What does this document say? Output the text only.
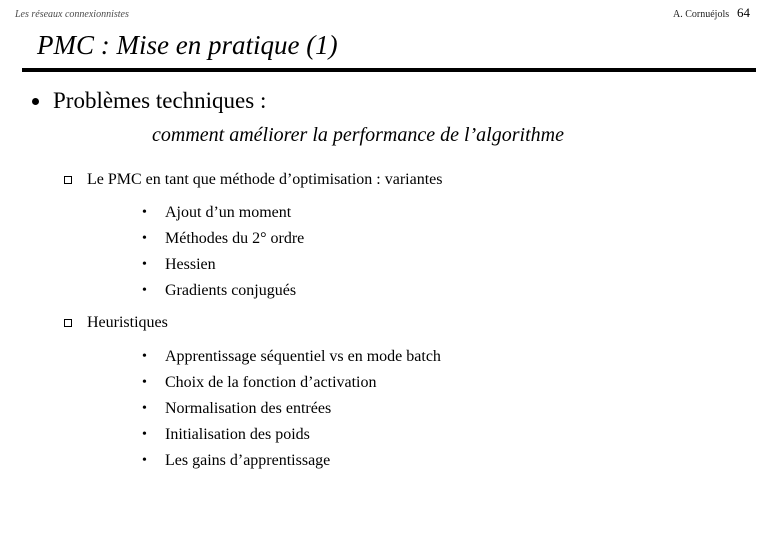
Les réseaux connexionnistes	A. Cornuéjols 64
PMC : Mise en pratique (1)
Problèmes techniques :
comment améliorer la performance de l’algorithme
Le PMC en tant que méthode d’optimisation : variantes
•	Ajout d’un moment
•	Méthodes du 2° ordre
•	Hessien
•	Gradients conjugués
Heuristiques
•	Apprentissage séquentiel vs en mode batch
•	Choix de la fonction d’activation
•	Normalisation des entrées
•	Initialisation des poids
•	Les gains d’apprentissage
